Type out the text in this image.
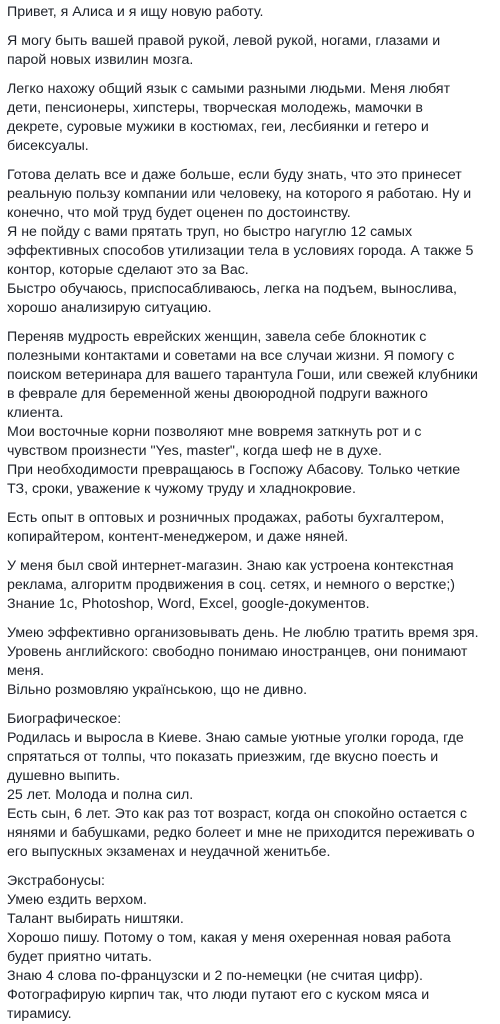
Привет, я Алиса и я ищу новую работу.
Я могу быть вашей правой рукой, левой рукой, ногами, глазами и
парой новых извилин мозга.
Легко нахожу общий язык с самыми разными людьми. Меня любят
дети, пенсионеры, хипстеры, творческая молодежь, мамочки в
декрете, суровые мужики в костюмах, геи, лесбиянки и гетеро и
бисексуалы.
Готова делать все и даже больше, если буду знать, что это принесет
реальную пользу компании или человеку, на которого я работаю. Ну и
конечно, что мой труд будет оценен по достоинству.
Я не пойду с вами прятать труп, но быстро нагуглю 12 самых
эффективных способов утилизации тела в условиях города. А также 5
контор, которые сделают это за Вас.
Быстро обучаюсь, приспосабливаюсь, легка на подъем, вынослива,
хорошо анализирую ситуацию.
Переняв мудрость еврейских женщин, завела себе блокнотик с
полезными контактами и советами на все случаи жизни. Я помогу с
поиском ветеринара для вашего тарантула Гоши, или свежей клубники
в феврале для беременной жены двоюродной подруги важного
клиента.
Мои восточные корни позволяют мне вовремя заткнуть рот и с
чувством произнести "Yes, master", когда шеф не в духе.
При необходимости превращаюсь в Госпожу Абасову. Только четкие
ТЗ, сроки, уважение к чужому труду и хладнокровие.
Есть опыт в оптовых и розничных продажах, работы бухгалтером,
копирайтером, контент-менеджером, и даже няней.
У меня был свой интернет-магазин. Знаю как устроена контекстная
реклама, алгоритм продвижения в соц. сетях, и немного о верстке;)
Знание 1с, Photoshop, Word, Excel, google-документов.
Умею эффективно организовывать день. Не люблю тратить время зря.
Уровень английского: свободно понимаю иностранцев, они понимают
меня.
Вільно розмовляю українською, що не дивно.
Биографическое:
Родилась и выросла в Киеве. Знаю самые уютные уголки города, где
спрятаться от толпы, что показать приезжим, где вкусно поесть и
душевно выпить.
25 лет. Молода и полна сил.
Есть сын, 6 лет. Это как раз тот возраст, когда он спокойно остается с
нянями и бабушками, редко болеет и мне не приходится переживать о
его выпускных экзаменах и неудачной женитьбе.
Экстрабонусы:
Умею ездить верхом.
Талант выбирать ништяки.
Хорошо пишу. Потому о том, какая у меня охеренная новая работа
будет приятно читать.
Знаю 4 слова по-французски и 2 по-немецки (не считая цифр).
Фотографирую кирпич так, что люди путают его с куском мяса и
тирамису.
